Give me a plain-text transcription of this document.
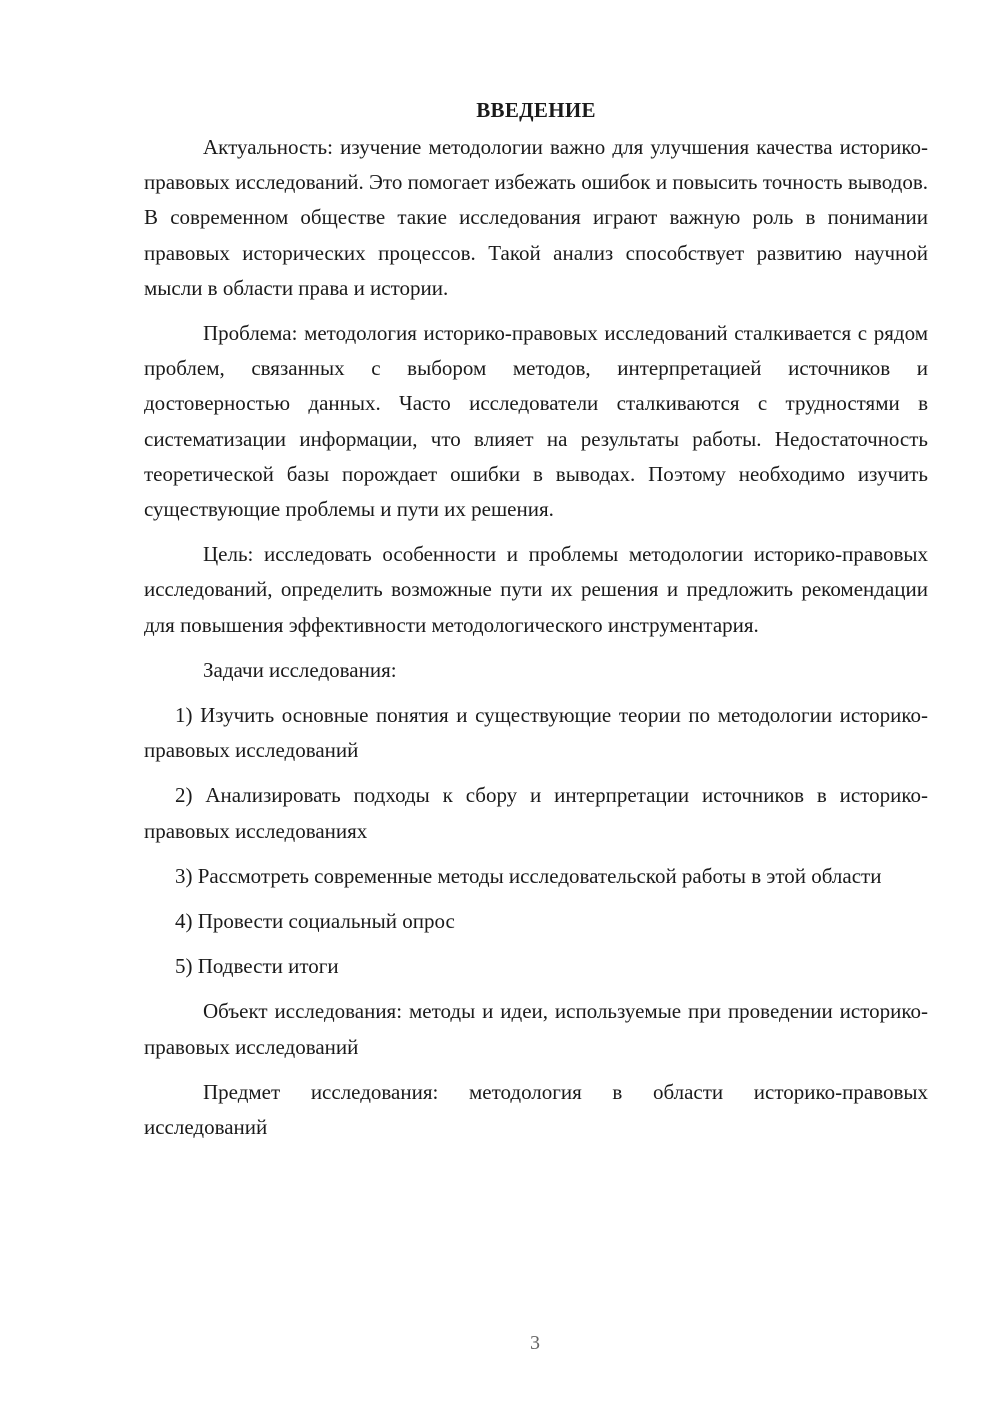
ВВЕДЕНИЕ

Актуальность: изучение методологии важно для улучшения качества историко-правовых исследований. Это помогает избежать ошибок и повысить точность выводов. В современном обществе такие исследования играют важную роль в понимании правовых исторических процессов. Такой анализ способствует развитию научной мысли в области права и истории.

Проблема: методология историко-правовых исследований сталкивается с рядом проблем, связанных с выбором методов, интерпретацией источников и достоверностью данных. Часто исследователи сталкиваются с трудностями в систематизации информации, что влияет на результаты работы. Недостаточность теоретической базы порождает ошибки в выводах. Поэтому необходимо изучить существующие проблемы и пути их решения.

Цель: исследовать особенности и проблемы методологии историко-правовых исследований, определить возможные пути их решения и предложить рекомендации для повышения эффективности методологического инструментария.

Задачи исследования:

1) Изучить основные понятия и существующие теории по методологии историко-правовых исследований

2) Анализировать подходы к сбору и интерпретации источников в историко-правовых исследованиях

3) Рассмотреть современные методы исследовательской работы в этой области

4) Провести социальный опрос

5) Подвести итоги

Объект исследования: методы и идеи, используемые при проведении историко-правовых исследований

Предмет исследования: методология в области историко-правовых исследований

3
